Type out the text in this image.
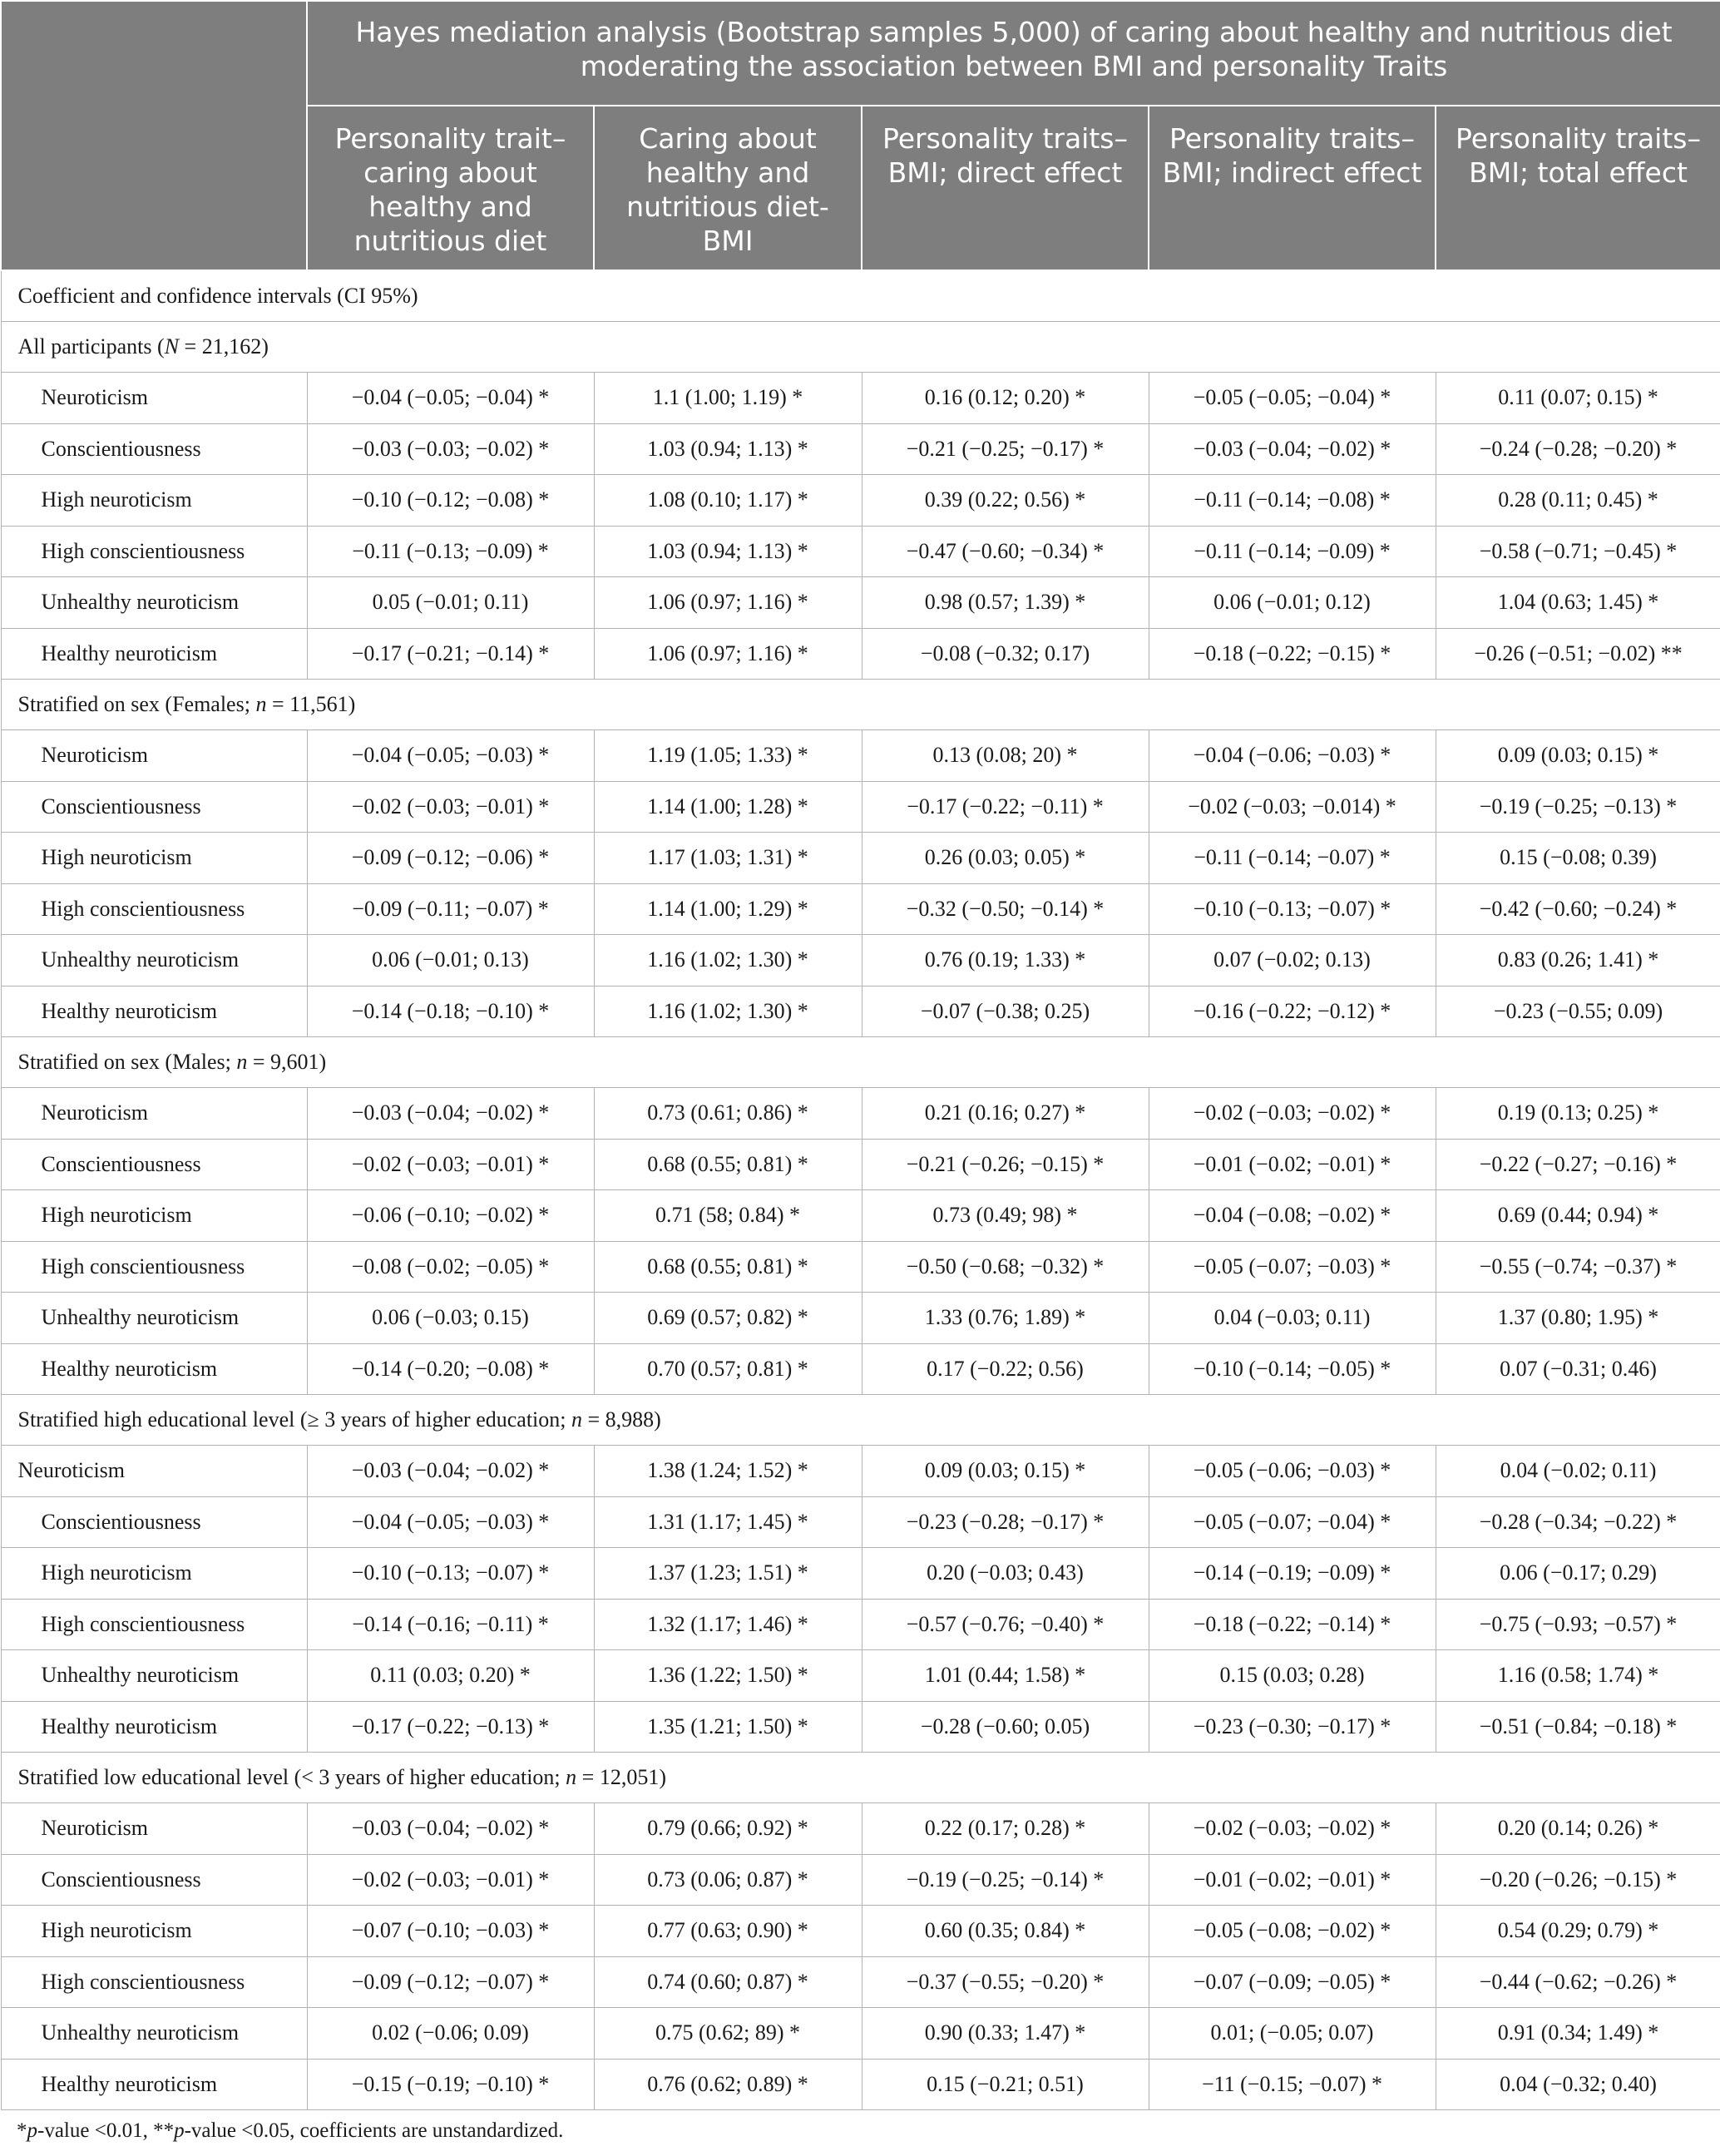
	Hayes mediation analysis (Bootstrap samples 5,000) of caring about healthy and nutritious diet moderating the association between BMI and personality Traits				
	Personality trait–caring about healthy and nutritious diet	Caring about healthy and nutritious diet-BMI	Personality traits–BMI; direct effect	Personality traits–BMI; indirect effect	Personality traits–BMI; total effect
Coefficient and confidence intervals (CI 95%)					
All participants (N = 21,162)					
Neuroticism	−0.04 (−0.05; −0.04) *	1.1 (1.00; 1.19) *	0.16 (0.12; 0.20) *	−0.05 (−0.05; −0.04) *	0.11 (0.07; 0.15) *
Conscientiousness	−0.03 (−0.03; −0.02) *	1.03 (0.94; 1.13) *	−0.21 (−0.25; −0.17) *	−0.03 (−0.04; −0.02) *	−0.24 (−0.28; −0.20) *
High neuroticism	−0.10 (−0.12; −0.08) *	1.08 (0.10; 1.17) *	0.39 (0.22; 0.56) *	−0.11 (−0.14; −0.08) *	0.28 (0.11; 0.45) *
High conscientiousness	−0.11 (−0.13; −0.09) *	1.03 (0.94; 1.13) *	−0.47 (−0.60; −0.34) *	−0.11 (−0.14; −0.09) *	−0.58 (−0.71; −0.45) *
Unhealthy neuroticism	0.05 (−0.01; 0.11)	1.06 (0.97; 1.16) *	0.98 (0.57; 1.39) *	0.06 (−0.01; 0.12)	1.04 (0.63; 1.45) *
Healthy neuroticism	−0.17 (−0.21; −0.14) *	1.06 (0.97; 1.16) *	−0.08 (−0.32; 0.17)	−0.18 (−0.22; −0.15) *	−0.26 (−0.51; −0.02) **
Stratified on sex (Females; n = 11,561)					
Neuroticism	−0.04 (−0.05; −0.03) *	1.19 (1.05; 1.33) *	0.13 (0.08; 20) *	−0.04 (−0.06; −0.03) *	0.09 (0.03; 0.15) *
Conscientiousness	−0.02 (−0.03; −0.01) *	1.14 (1.00; 1.28) *	−0.17 (−0.22; −0.11) *	−0.02 (−0.03; −0.014) *	−0.19 (−0.25; −0.13) *
High neuroticism	−0.09 (−0.12; −0.06) *	1.17 (1.03; 1.31) *	0.26 (0.03; 0.05) *	−0.11 (−0.14; −0.07) *	0.15 (−0.08; 0.39)
High conscientiousness	−0.09 (−0.11; −0.07) *	1.14 (1.00; 1.29) *	−0.32 (−0.50; −0.14) *	−0.10 (−0.13; −0.07) *	−0.42 (−0.60; −0.24) *
Unhealthy neuroticism	0.06 (−0.01; 0.13)	1.16 (1.02; 1.30) *	0.76 (0.19; 1.33) *	0.07 (−0.02; 0.13)	0.83 (0.26; 1.41) *
Healthy neuroticism	−0.14 (−0.18; −0.10) *	1.16 (1.02; 1.30) *	−0.07 (−0.38; 0.25)	−0.16 (−0.22; −0.12) *	−0.23 (−0.55; 0.09)
Stratified on sex (Males; n = 9,601)					
Neuroticism	−0.03 (−0.04; −0.02) *	0.73 (0.61; 0.86) *	0.21 (0.16; 0.27) *	−0.02 (−0.03; −0.02) *	0.19 (0.13; 0.25) *
Conscientiousness	−0.02 (−0.03; −0.01) *	0.68 (0.55; 0.81) *	−0.21 (−0.26; −0.15) *	−0.01 (−0.02; −0.01) *	−0.22 (−0.27; −0.16) *
High neuroticism	−0.06 (−0.10; −0.02) *	0.71 (58; 0.84) *	0.73 (0.49; 98) *	−0.04 (−0.08; −0.02) *	0.69 (0.44; 0.94) *
High conscientiousness	−0.08 (−0.02; −0.05) *	0.68 (0.55; 0.81) *	−0.50 (−0.68; −0.32) *	−0.05 (−0.07; −0.03) *	−0.55 (−0.74; −0.37) *
Unhealthy neuroticism	0.06 (−0.03; 0.15)	0.69 (0.57; 0.82) *	1.33 (0.76; 1.89) *	0.04 (−0.03; 0.11)	1.37 (0.80; 1.95) *
Healthy neuroticism	−0.14 (−0.20; −0.08) *	0.70 (0.57; 0.81) *	0.17 (−0.22; 0.56)	−0.10 (−0.14; −0.05) *	0.07 (−0.31; 0.46)
Stratified high educational level (≥ 3 years of higher education; n = 8,988)					
Neuroticism	−0.03 (−0.04; −0.02) *	1.38 (1.24; 1.52) *	0.09 (0.03; 0.15) *	−0.05 (−0.06; −0.03) *	0.04 (−0.02; 0.11)
Conscientiousness	−0.04 (−0.05; −0.03) *	1.31 (1.17; 1.45) *	−0.23 (−0.28; −0.17) *	−0.05 (−0.07; −0.04) *	−0.28 (−0.34; −0.22) *
High neuroticism	−0.10 (−0.13; −0.07) *	1.37 (1.23; 1.51) *	0.20 (−0.03; 0.43)	−0.14 (−0.19; −0.09) *	0.06 (−0.17; 0.29)
High conscientiousness	−0.14 (−0.16; −0.11) *	1.32 (1.17; 1.46) *	−0.57 (−0.76; −0.40) *	−0.18 (−0.22; −0.14) *	−0.75 (−0.93; −0.57) *
Unhealthy neuroticism	0.11 (0.03; 0.20) *	1.36 (1.22; 1.50) *	1.01 (0.44; 1.58) *	0.15 (0.03; 0.28)	1.16 (0.58; 1.74) *
Healthy neuroticism	−0.17 (−0.22; −0.13) *	1.35 (1.21; 1.50) *	−0.28 (−0.60; 0.05)	−0.23 (−0.30; −0.17) *	−0.51 (−0.84; −0.18) *
Stratified low educational level (< 3 years of higher education; n = 12,051)					
Neuroticism	−0.03 (−0.04; −0.02) *	0.79 (0.66; 0.92) *	0.22 (0.17; 0.28) *	−0.02 (−0.03; −0.02) *	0.20 (0.14; 0.26) *
Conscientiousness	−0.02 (−0.03; −0.01) *	0.73 (0.06; 0.87) *	−0.19 (−0.25; −0.14) *	−0.01 (−0.02; −0.01) *	−0.20 (−0.26; −0.15) *
High neuroticism	−0.07 (−0.10; −0.03) *	0.77 (0.63; 0.90) *	0.60 (0.35; 0.84) *	−0.05 (−0.08; −0.02) *	0.54 (0.29; 0.79) *
High conscientiousness	−0.09 (−0.12; −0.07) *	0.74 (0.60; 0.87) *	−0.37 (−0.55; −0.20) *	−0.07 (−0.09; −0.05) *	−0.44 (−0.62; −0.26) *
Unhealthy neuroticism	0.02 (−0.06; 0.09)	0.75 (0.62; 89) *	0.90 (0.33; 1.47) *	0.01; (−0.05; 0.07)	0.91 (0.34; 1.49) *
Healthy neuroticism	−0.15 (−0.19; −0.10) *	0.76 (0.62; 0.89) *	0.15 (−0.21; 0.51)	−11 (−0.15; −0.07) *	0.04 (−0.32; 0.40)
*p-value <0.01, **p-value <0.05, coefficients are unstandardized.
